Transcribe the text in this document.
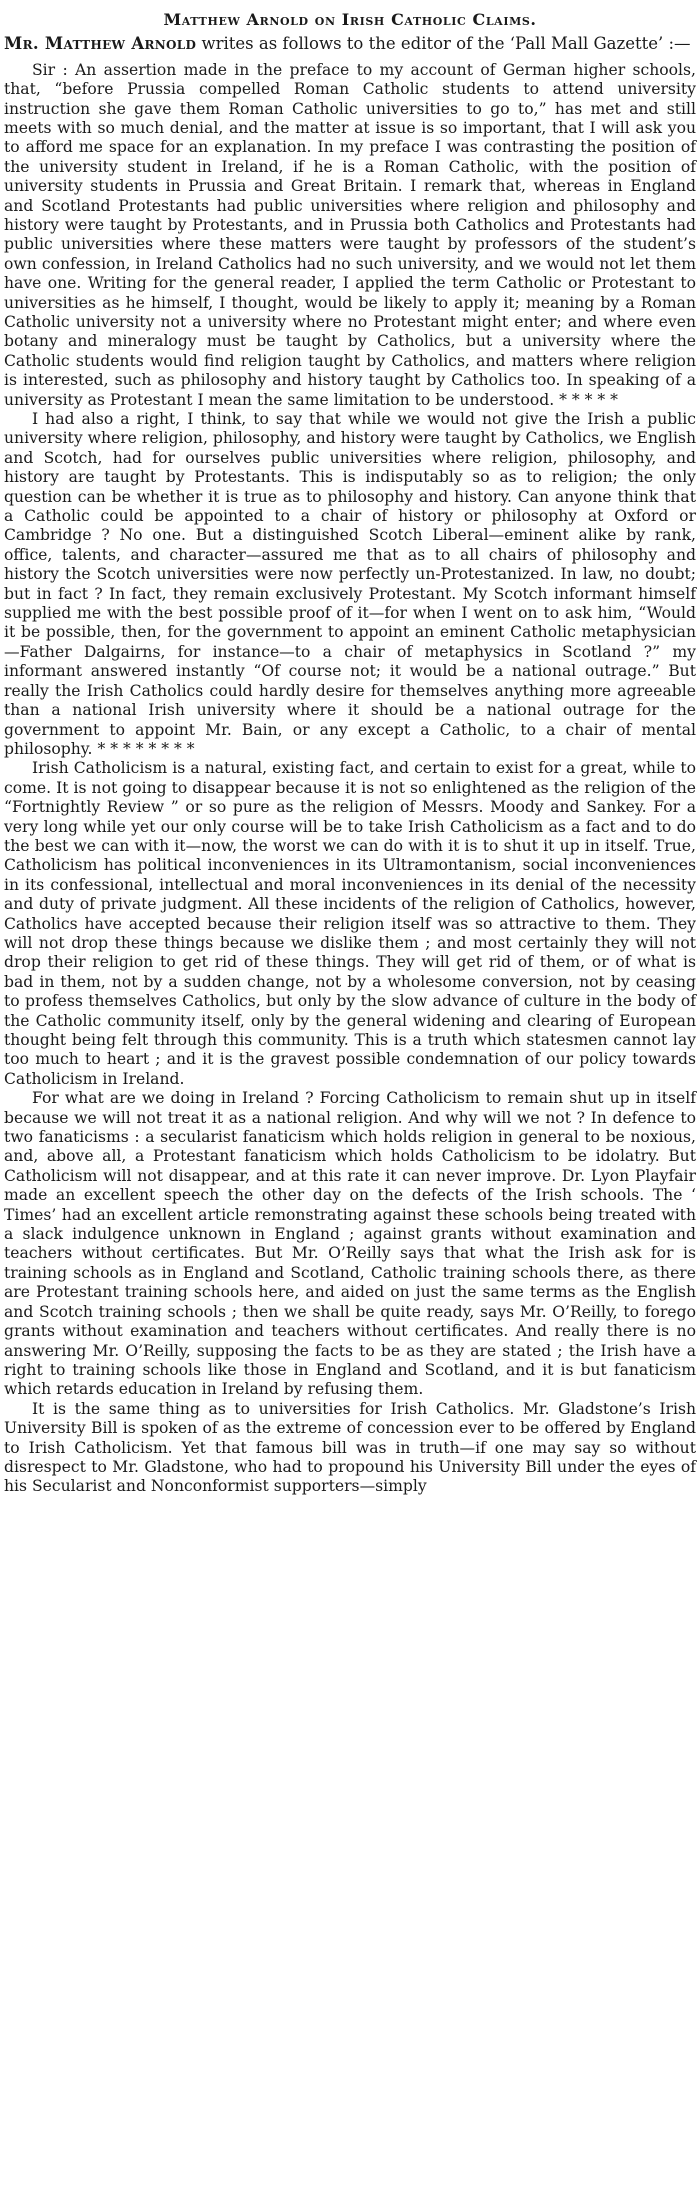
Matthew Arnold on Irish Catholic Claims.

Mr. Matthew Arnold writes as follows to the editor of the ‘Pall Mall Gazette’ :—

Sir : An assertion made in the preface to my account of German higher schools, that, “before Prussia compelled Roman Catholic students to attend university instruction she gave them Roman Catholic universities to go to,” has met and still meets with so much denial, and the matter at issue is so important, that I will ask you to afford me space for an explanation. In my preface I was contrasting the position of the university student in Ireland, if he is a Roman Catholic, with the position of university students in Prussia and Great Britain. I remark that, whereas in England and Scotland Protestants had public universities where religion and philosophy and history were taught by Protestants, and in Prussia both Catholics and Protestants had public universities where these matters were taught by professors of the student’s own confession, in Ireland Catholics had no such university, and we would not let them have one. Writing for the general reader, I applied the term Catholic or Protestant to universities as he himself, I thought, would be likely to apply it; meaning by a Roman Catholic university not a university where no Protestant might enter; and where even botany and mineralogy must be taught by Catholics, but a university where the Catholic students would find religion taught by Catholics, and matters where religion is interested, such as philosophy and history taught by Catholics too. In speaking of a university as Protestant I mean the same limitation to be understood. * * * * *

I had also a right, I think, to say that while we would not give the Irish a public university where religion, philosophy, and history were taught by Catholics, we English and Scotch, had for ourselves public universities where religion, philosophy, and history are taught by Protestants. This is indisputably so as to religion; the only question can be whether it is true as to philosophy and history. Can anyone think that a Catholic could be appointed to a chair of history or philosophy at Oxford or Cambridge ? No one. But a distinguished Scotch Liberal—eminent alike by rank, office, talents, and character—assured me that as to all chairs of philosophy and history the Scotch universities were now perfectly un-Protestanized. In law, no doubt; but in fact ? In fact, they remain exclusively Protestant. My Scotch informant himself supplied me with the best possible proof of it—for when I went on to ask him, “Would it be possible, then, for the government to appoint an eminent Catholic metaphysician—Father Dalgairns, for instance—to a chair of metaphysics in Scotland ?” my informant answered instantly “Of course not; it would be a national outrage.” But really the Irish Catholics could hardly desire for themselves anything more agreeable than a national Irish university where it should be a national outrage for the government to appoint Mr. Bain, or any except a Catholic, to a chair of mental philosophy. * * * * * * * *

Irish Catholicism is a natural, existing fact, and certain to exist for a great, while to come. It is not going to disappear because it is not so enlightened as the religion of the “Fortnightly Review ” or so pure as the religion of Messrs. Moody and Sankey. For a very long while yet our only course will be to take Irish Catholicism as a fact and to do the best we can with it—now, the worst we can do with it is to shut it up in itself. True, Catholicism has political inconveniences in its Ultramontanism, social inconveniences in its confessional, intellectual and moral inconveniences in its denial of the necessity and duty of private judgment. All these incidents of the religion of Catholics, however, Catholics have accepted because their religion itself was so attractive to them. They will not drop these things because we dislike them ; and most certainly they will not drop their religion to get rid of these things. They will get rid of them, or of what is bad in them, not by a sudden change, not by a wholesome conversion, not by ceasing to profess themselves Catholics, but only by the slow advance of culture in the body of the Catholic community itself, only by the general widening and clearing of European thought being felt through this community. This is a truth which statesmen cannot lay too much to heart ; and it is the gravest possible condemnation of our policy towards Catholicism in Ireland.

For what are we doing in Ireland ? Forcing Catholicism to remain shut up in itself because we will not treat it as a national religion. And why will we not ? In defence to two fanaticisms : a secularist fanaticism which holds religion in general to be noxious, and, above all, a Protestant fanaticism which holds Catholicism to be idolatry. But Catholicism will not disappear, and at this rate it can never improve. Dr. Lyon Playfair made an excellent speech the other day on the defects of the Irish schools. The ‘ Times’ had an excellent article remonstrating against these schools being treated with a slack indulgence unknown in England ; against grants without examination and teachers without certificates. But Mr. O’Reilly says that what the Irish ask for is training schools as in England and Scotland, Catholic training schools there, as there are Protestant training schools here, and aided on just the same terms as the English and Scotch training schools ; then we shall be quite ready, says Mr. O’Reilly, to forego grants without examination and teachers without certificates. And really there is no answering Mr. O’Reilly, supposing the facts to be as they are stated ; the Irish have a right to training schools like those in England and Scotland, and it is but fanaticism which retards education in Ireland by refusing them.

It is the same thing as to universities for Irish Catholics. Mr. Gladstone’s Irish University Bill is spoken of as the extreme of concession ever to be offered by England to Irish Catholicism. Yet that famous bill was in truth—if one may say so without disrespect to Mr. Gladstone, who had to propound his University Bill under the eyes of his Secularist and Nonconformist supporters—simply
